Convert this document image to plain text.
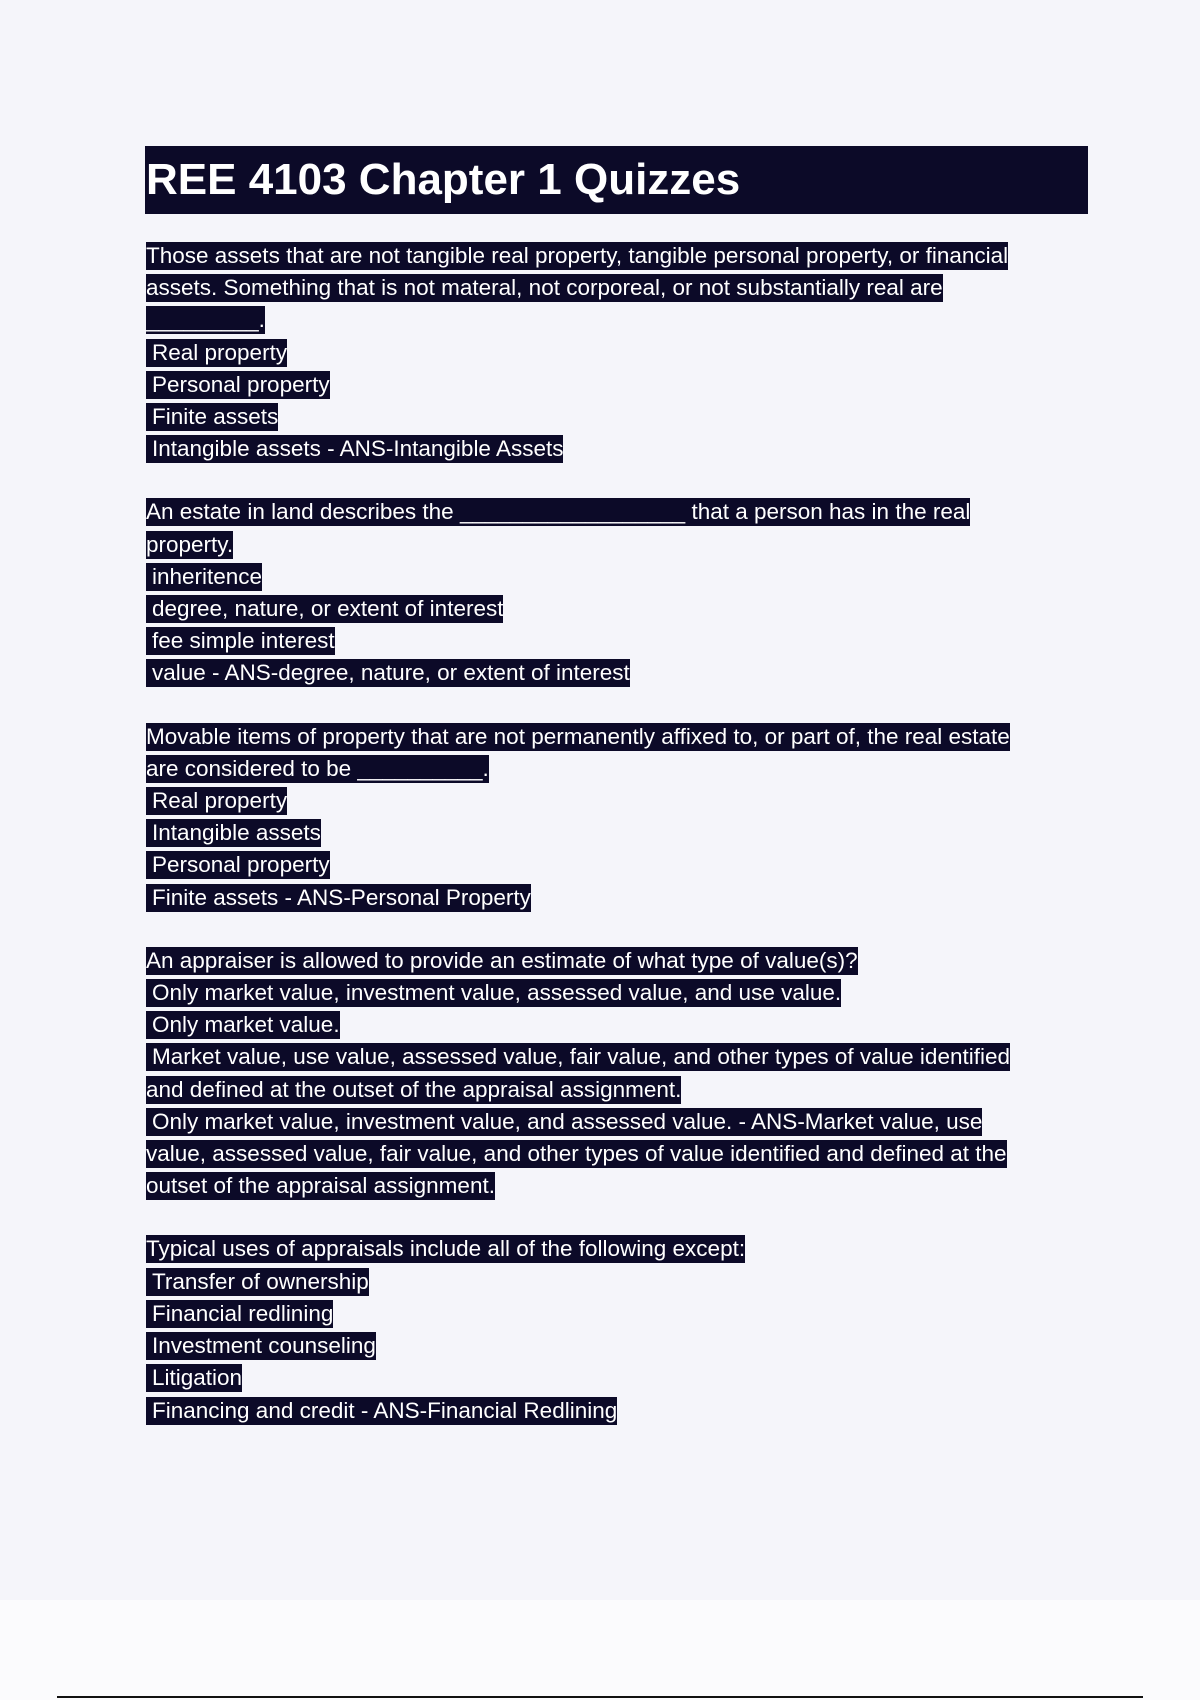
REE 4103 Chapter 1 Quizzes
Those assets that are not tangible real property, tangible personal property, or financial
assets. Something that is not materal, not corporeal, or not substantially real are
_________.
Real property
Personal property
Finite assets
Intangible assets - ANS-Intangible Assets
An estate in land describes the __________________ that a person has in the real
property.
inheritence
degree, nature, or extent of interest
fee simple interest
value - ANS-degree, nature, or extent of interest
Movable items of property that are not permanently affixed to, or part of, the real estate
are considered to be __________.
Real property
Intangible assets
Personal property
Finite assets - ANS-Personal Property
An appraiser is allowed to provide an estimate of what type of value(s)?
Only market value, investment value, assessed value, and use value.
Only market value.
Market value, use value, assessed value, fair value, and other types of value identified
and defined at the outset of the appraisal assignment.
Only market value, investment value, and assessed value. - ANS-Market value, use
value, assessed value, fair value, and other types of value identified and defined at the
outset of the appraisal assignment.
Typical uses of appraisals include all of the following except:
Transfer of ownership
Financial redlining
Investment counseling
Litigation
Financing and credit - ANS-Financial Redlining
